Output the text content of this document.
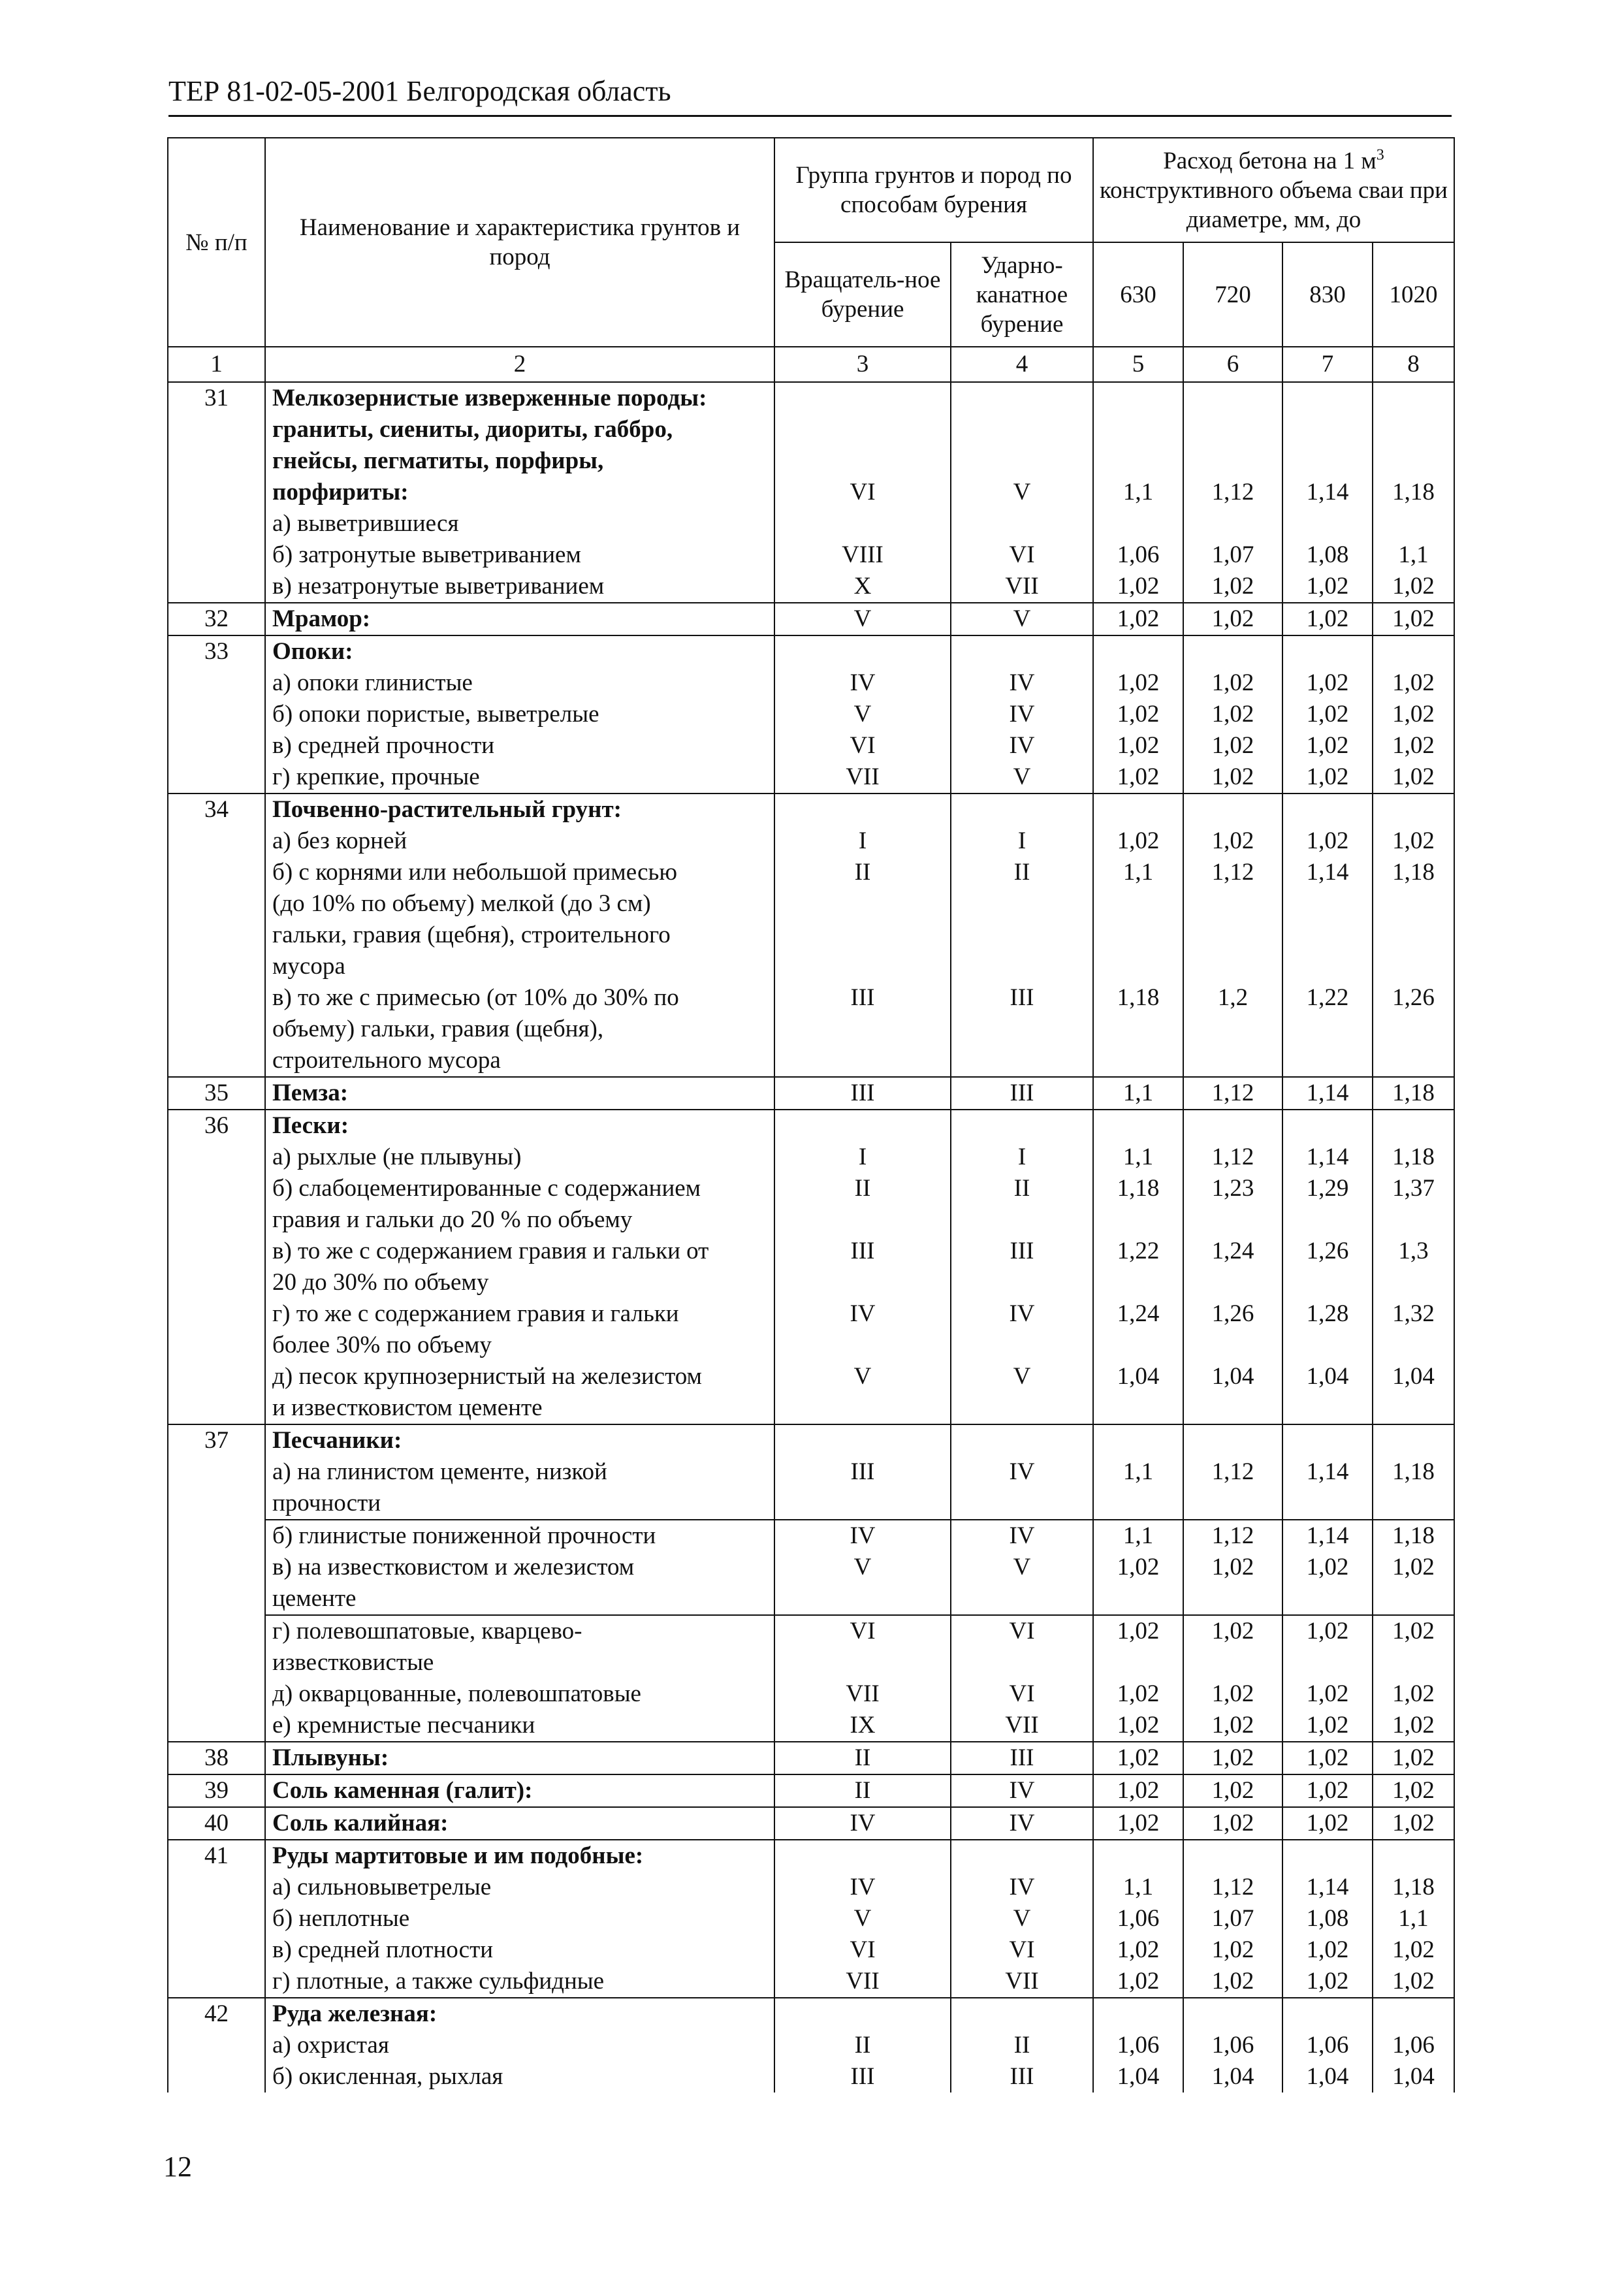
ТЕР 81-02-05-2001 Белгородская область
№ п/п	Наименование и характеристика грунтов и пород	Группа грунтов и пород по способам бурения		Расход бетона на 1 $м^3$ конструктивного объема сваи при диаметре, мм, до			
		Вращатель-ное бурение	Ударно-канатное бурение	630	720	830	1020
1	2	3	4	5	6	7	8
31	Мелкозернистые изверженные породы:						
	граниты, сиениты, диориты, габбро,						
	гнейсы, пегматиты, порфиры,						
	порфириты:	VI	V	1,1	1,12	1,14	1,18
	а) выветрившиеся						
	б) затронутые выветриванием	VIII	VI	1,06	1,07	1,08	1,1
	в) незатронутые выветриванием	X	VII	1,02	1,02	1,02	1,02
32	Мрамор:	V	V	1,02	1,02	1,02	1,02
33	Опоки:						
	а) опоки глинистые	IV	IV	1,02	1,02	1,02	1,02
	б) опоки пористые, выветрелые	V	IV	1,02	1,02	1,02	1,02
	в) средней прочности	VI	IV	1,02	1,02	1,02	1,02
	г) крепкие, прочные	VII	V	1,02	1,02	1,02	1,02
34	Почвенно-растительный грунт:						
	а) без корней	I	I	1,02	1,02	1,02	1,02
	б) с корнями или небольшой примесью	II	II	1,1	1,12	1,14	1,18
	(до 10% по объему) мелкой (до 3 см)						
	гальки, гравия (щебня), строительного						
	мусора						
	в) то же с примесью (от 10% до 30% по	III	III	1,18	1,2	1,22	1,26
	объему) гальки, гравия (щебня),						
	строительного мусора						
35	Пемза:	III	III	1,1	1,12	1,14	1,18
36	Пески:						
	а) рыхлые (не плывуны)	I	I	1,1	1,12	1,14	1,18
	б) слабоцементированные с содержанием	II	II	1,18	1,23	1,29	1,37
	гравия и гальки до 20 % по объему						
	в) то же с содержанием гравия и гальки от	III	III	1,22	1,24	1,26	1,3
	20 до 30% по объему						
	г) то же с содержанием гравия и гальки	IV	IV	1,24	1,26	1,28	1,32
	более 30% по объему						
	д) песок крупнозернистый на железистом	V	V	1,04	1,04	1,04	1,04
	и известковистом цементе						
37	Песчаники:						
	а) на глинистом цементе, низкой	III	IV	1,1	1,12	1,14	1,18
	прочности						
	б) глинистые пониженной прочности	IV	IV	1,1	1,12	1,14	1,18
	в) на известковистом и железистом	V	V	1,02	1,02	1,02	1,02
	цементе						
	г) полевошпатовые, кварцево-	VI	VI	1,02	1,02	1,02	1,02
	известковистые						
	д) окварцованные, полевошпатовые	VII	VI	1,02	1,02	1,02	1,02
	е) кремнистые песчаники	IX	VII	1,02	1,02	1,02	1,02
38	Плывуны:	II	III	1,02	1,02	1,02	1,02
39	Соль каменная (галит):	II	IV	1,02	1,02	1,02	1,02
40	Соль калийная:	IV	IV	1,02	1,02	1,02	1,02
41	Руды мартитовые и им подобные:						
	а) сильновыветрелые	IV	IV	1,1	1,12	1,14	1,18
	б) неплотные	V	V	1,06	1,07	1,08	1,1
	в) средней плотности	VI	VI	1,02	1,02	1,02	1,02
	г) плотные, а также сульфидные	VII	VII	1,02	1,02	1,02	1,02
42	Руда железная:						
	а) охристая	II	II	1,06	1,06	1,06	1,06
	б) окисленная, рыхлая	III	III	1,04	1,04	1,04	1,04
12
